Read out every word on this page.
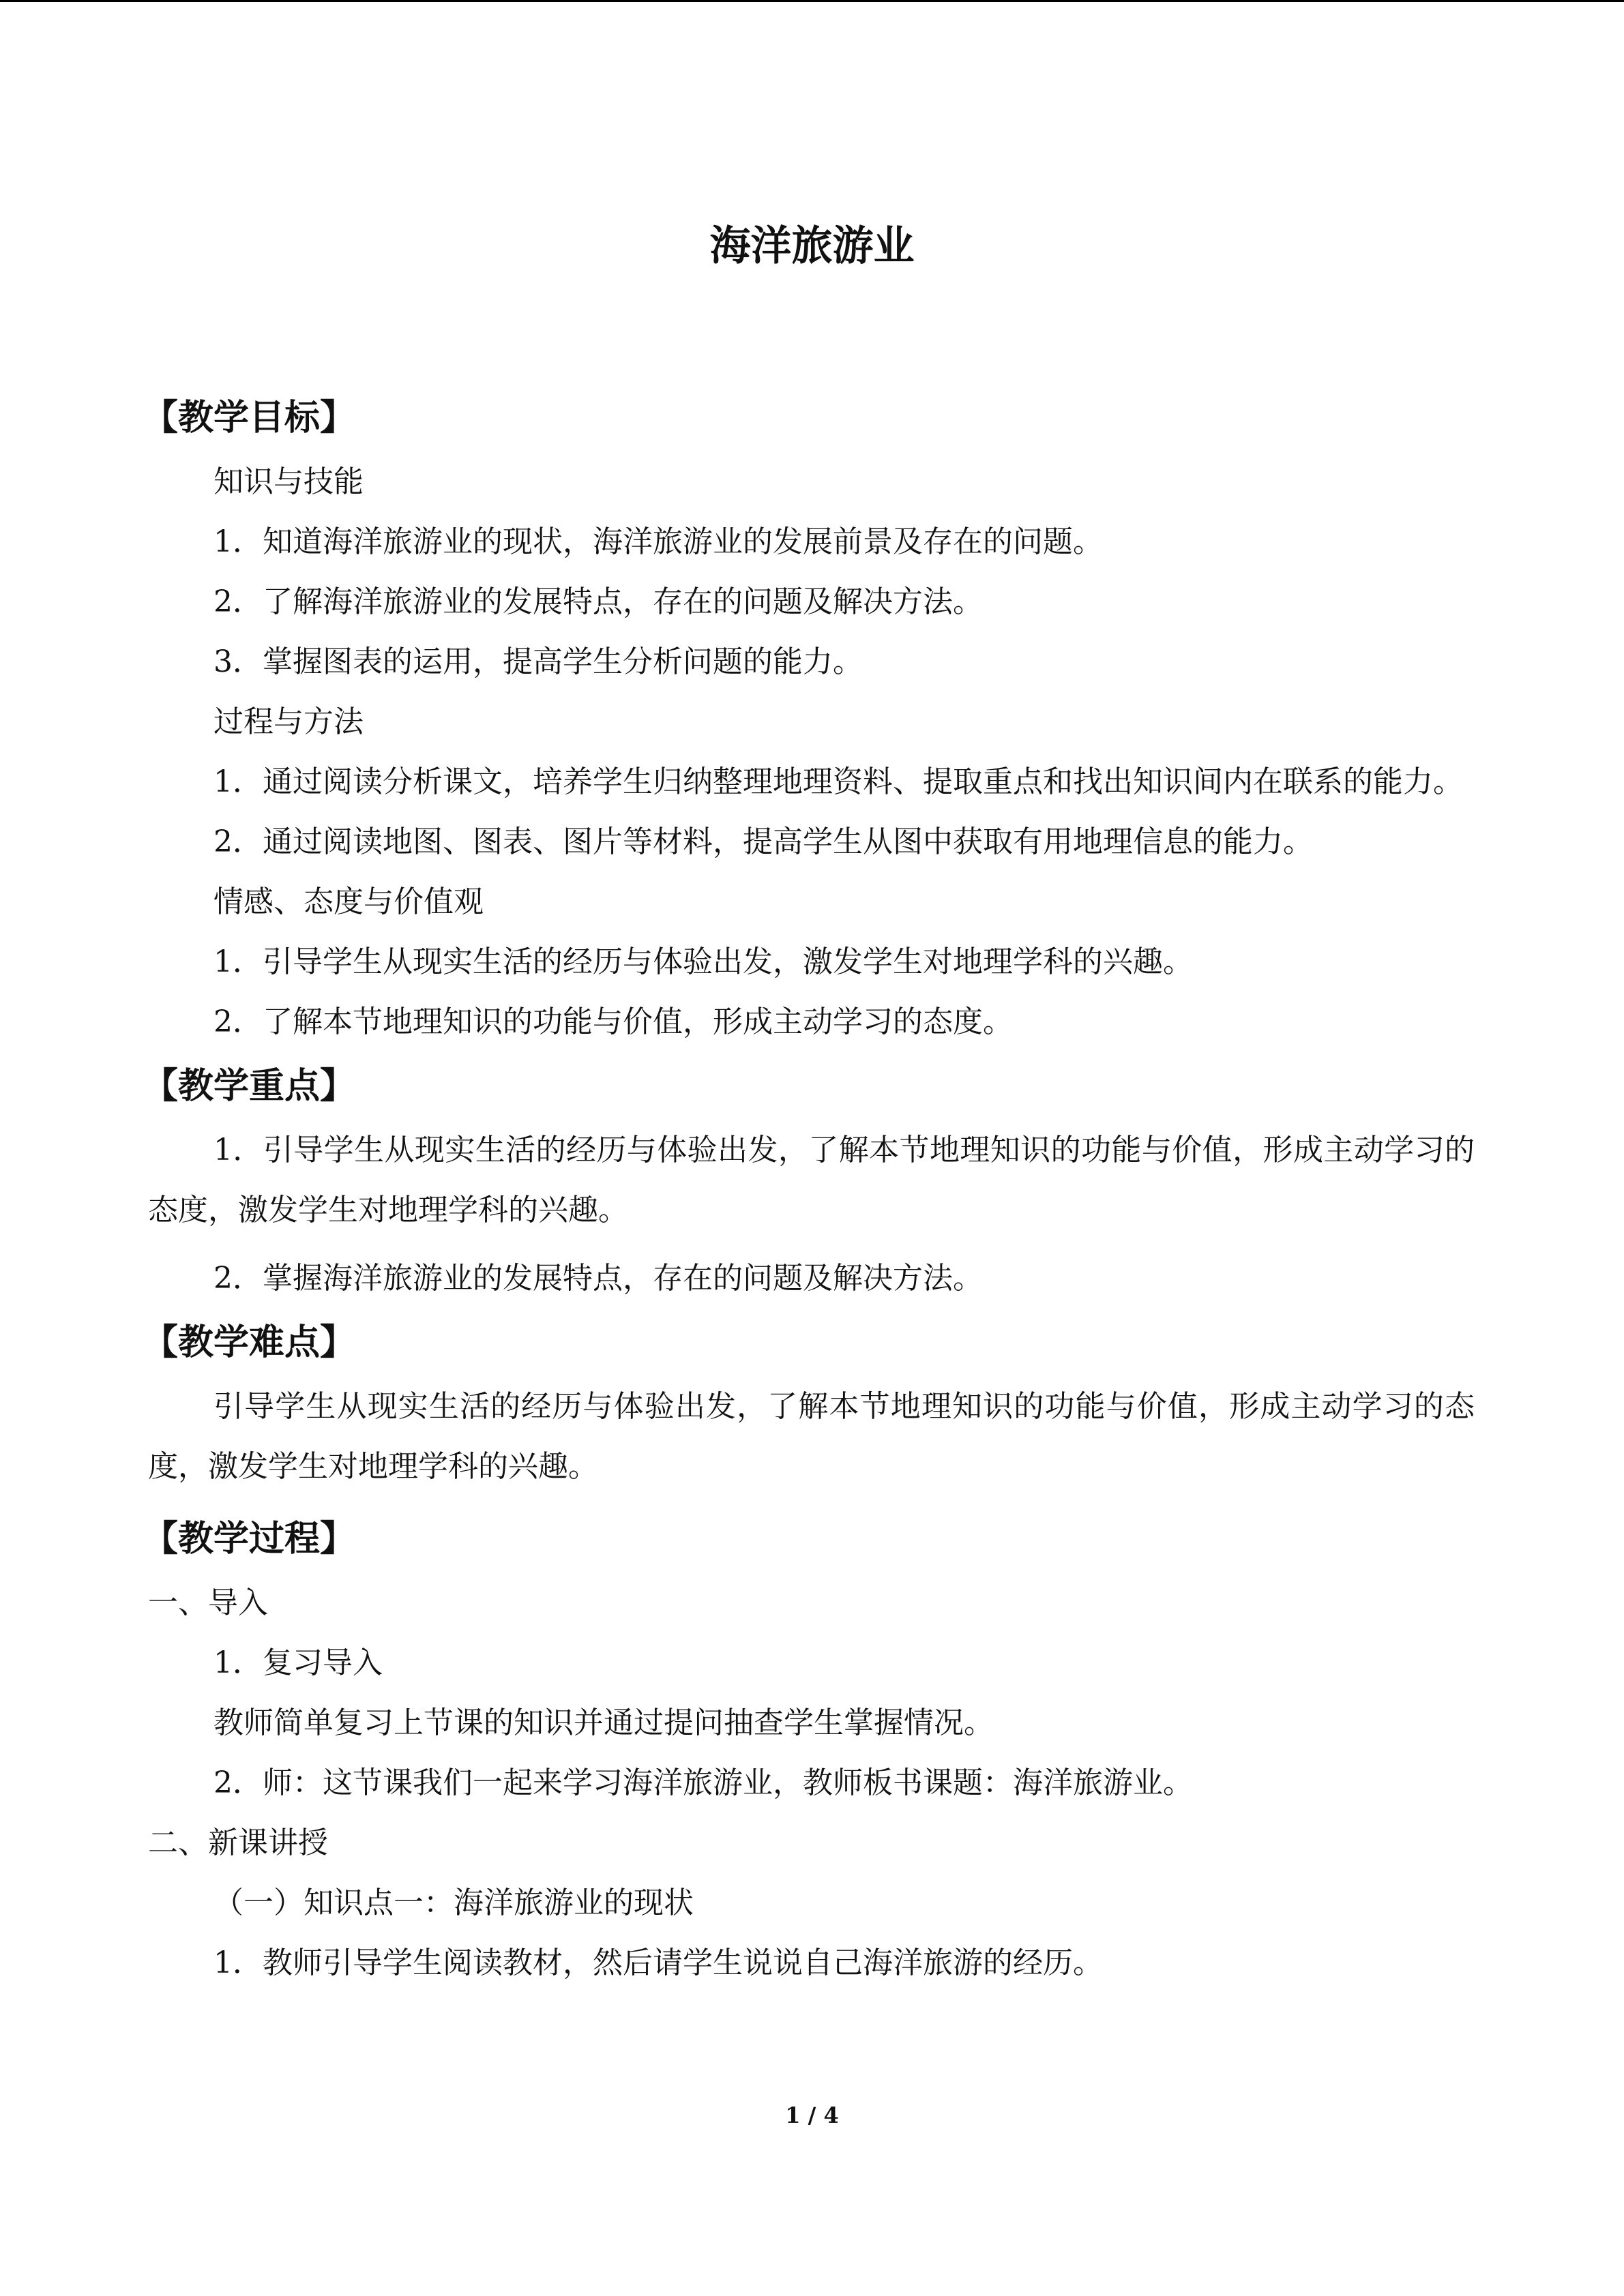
海洋旅游业
【教学目标】
知识与技能
1．知道海洋旅游业的现状，海洋旅游业的发展前景及存在的问题。
2．了解海洋旅游业的发展特点，存在的问题及解决方法。
3．掌握图表的运用，提高学生分析问题的能力。
过程与方法
1．通过阅读分析课文，培养学生归纳整理地理资料、提取重点和找出知识间内在联系的能力。
2．通过阅读地图、图表、图片等材料，提高学生从图中获取有用地理信息的能力。
情感、态度与价值观
1．引导学生从现实生活的经历与体验出发，激发学生对地理学科的兴趣。
2．了解本节地理知识的功能与价值，形成主动学习的态度。
【教学重点】
1．引导学生从现实生活的经历与体验出发，了解本节地理知识的功能与价值，形成主动学习的态度，激发学生对地理学科的兴趣。
2．掌握海洋旅游业的发展特点，存在的问题及解决方法。
【教学难点】
引导学生从现实生活的经历与体验出发，了解本节地理知识的功能与价值，形成主动学习的态度，激发学生对地理学科的兴趣。
【教学过程】
一、导入
1．复习导入
教师简单复习上节课的知识并通过提问抽查学生掌握情况。
2．师：这节课我们一起来学习海洋旅游业，教师板书课题：海洋旅游业。
二、新课讲授
（一）知识点一：海洋旅游业的现状
1．教师引导学生阅读教材，然后请学生说说自己海洋旅游的经历。
1 / 4
